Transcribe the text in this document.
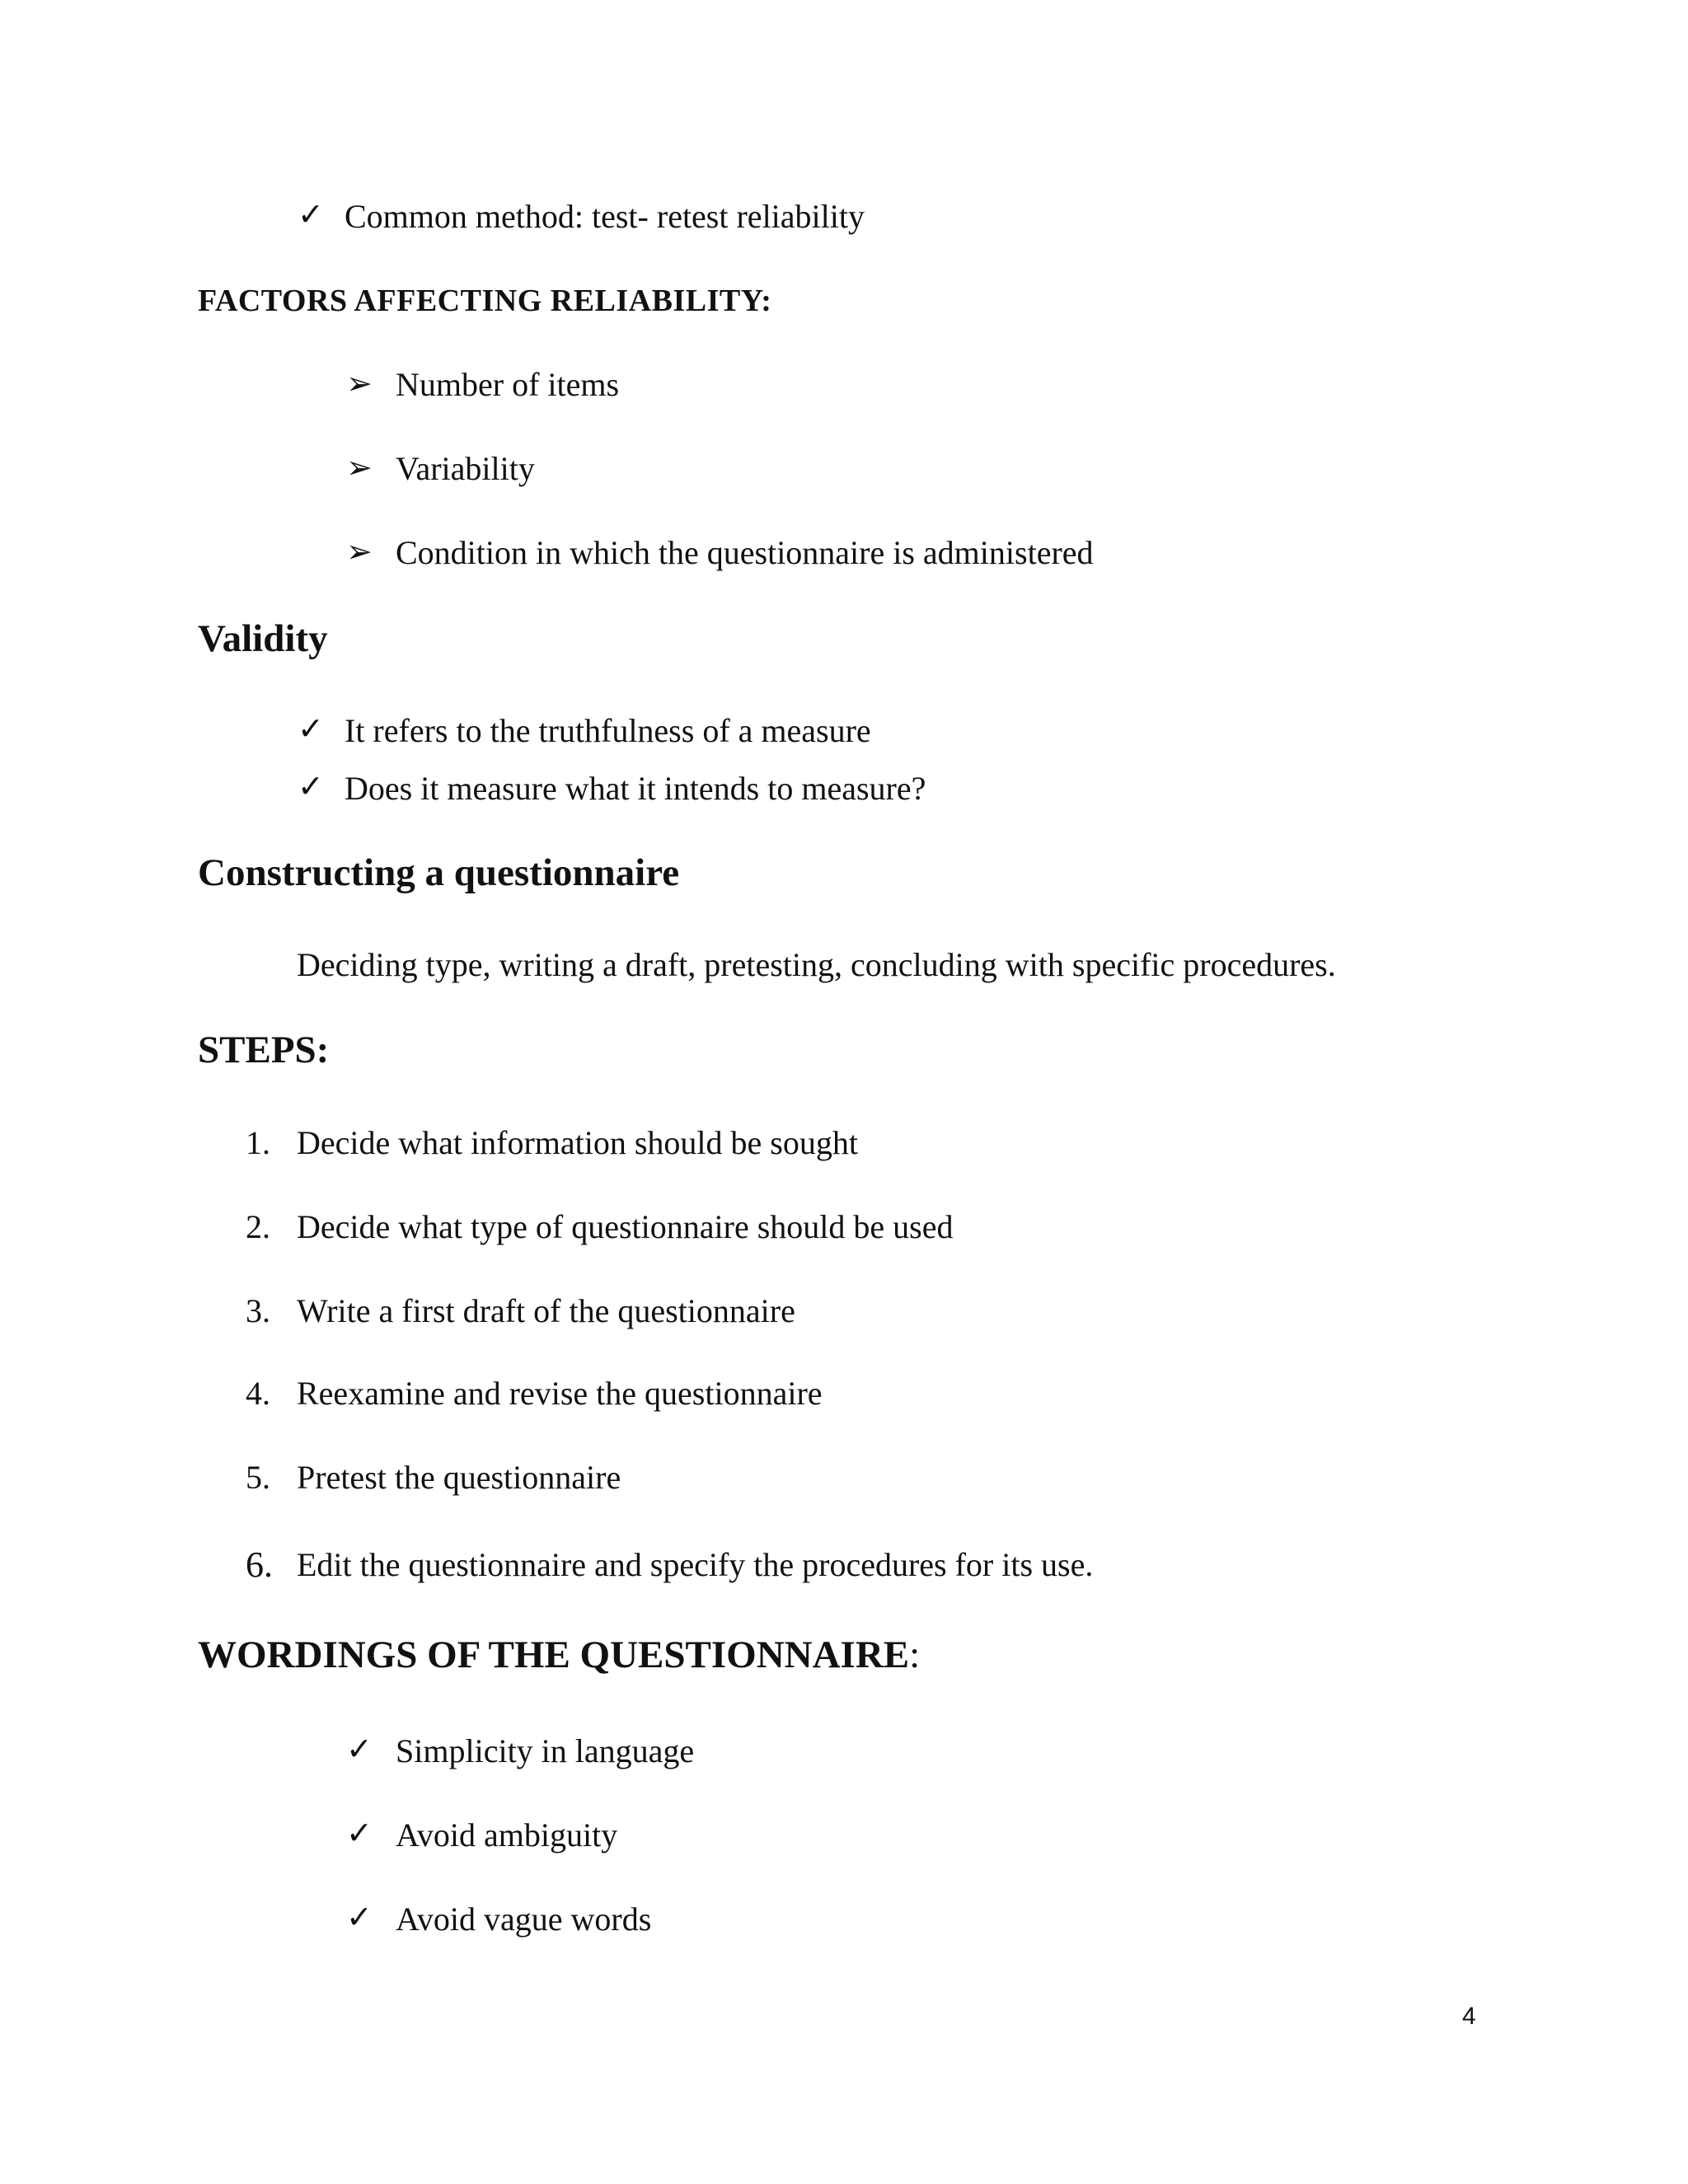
✓ Common method: test- retest reliability
FACTORS AFFECTING RELIABILITY:
➢ Number of items
➢ Variability
➢ Condition in which the questionnaire is administered
Validity
✓ It refers to the truthfulness of a measure
✓ Does it measure what it intends to measure?
Constructing a questionnaire
Deciding type, writing a draft, pretesting, concluding with specific procedures.
STEPS:
1. Decide what information should be sought
2. Decide what type of questionnaire should be used
3. Write a first draft of the questionnaire
4. Reexamine and revise the questionnaire
5. Pretest the questionnaire
6. Edit the questionnaire and specify the procedures for its use.
WORDINGS OF THE QUESTIONNAIRE:
✓ Simplicity in language
✓ Avoid ambiguity
✓ Avoid vague words
4
